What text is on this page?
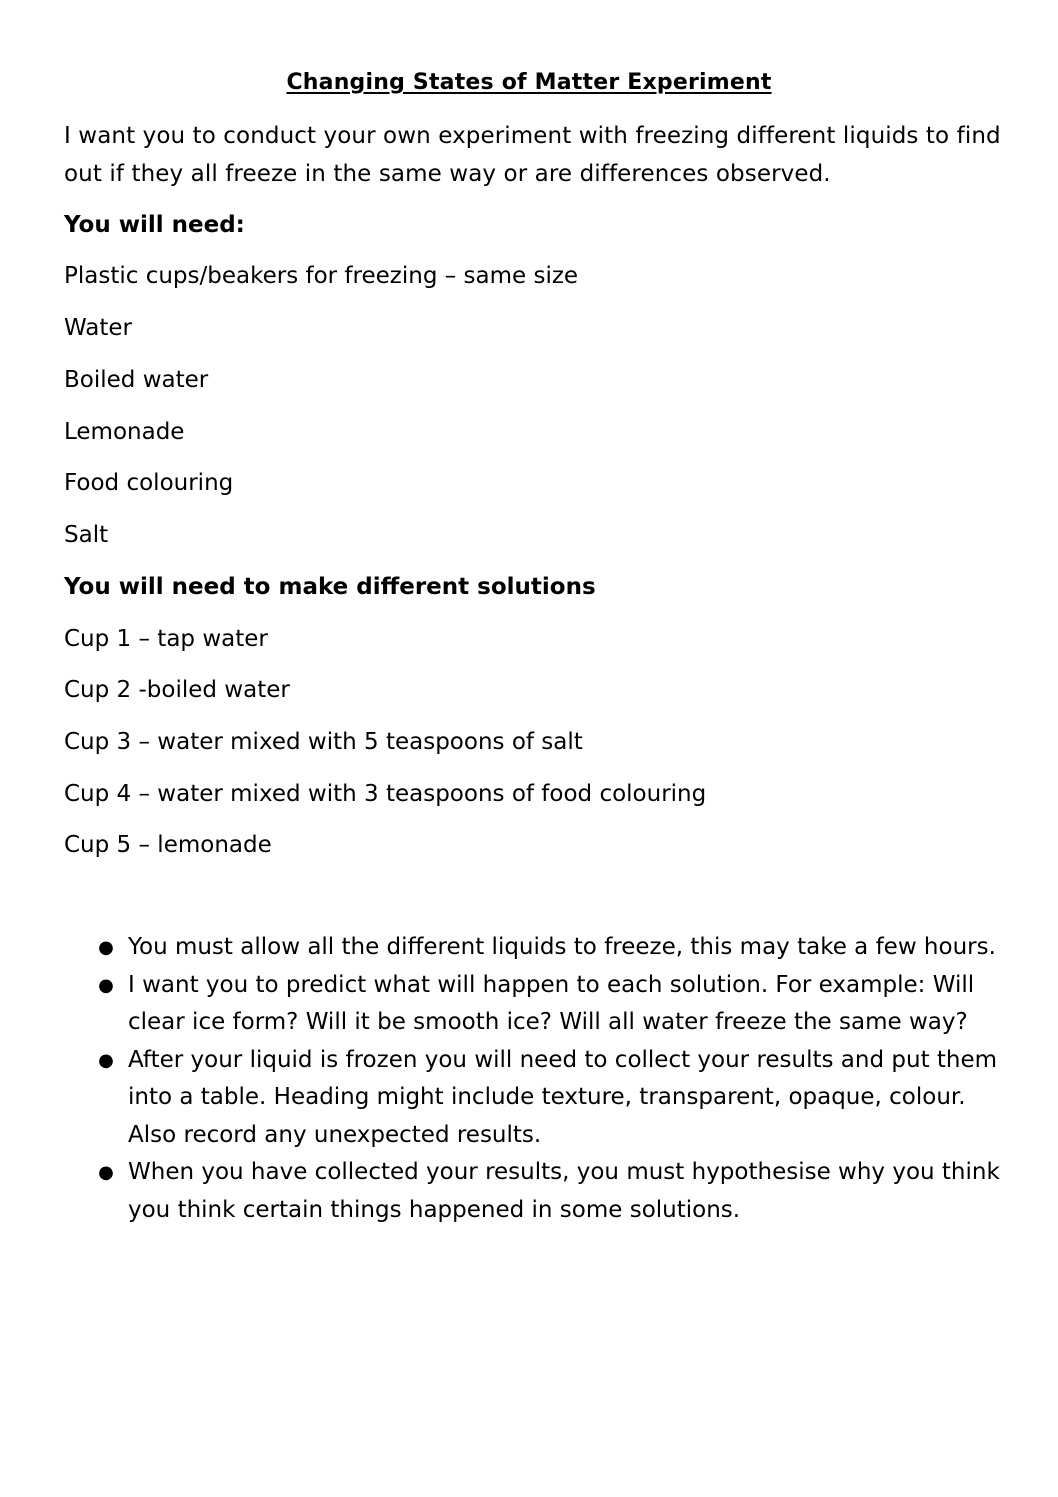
Changing States of Matter Experiment
I want you to conduct your own experiment with freezing different liquids to find out if they all freeze in the same way or are differences observed.
You will need:
Plastic cups/beakers for freezing – same size
Water
Boiled water
Lemonade
Food colouring
Salt
You will need to make different solutions
Cup 1 – tap water
Cup 2 -boiled water
Cup 3 – water mixed with 5 teaspoons of salt
Cup 4 – water mixed with 3 teaspoons of food colouring
Cup 5 – lemonade
● You must allow all the different liquids to freeze, this may take a few hours.
● I want you to predict what will happen to each solution. For example: Will clear ice form? Will it be smooth ice? Will all water freeze the same way?
● After your liquid is frozen you will need to collect your results and put them into a table. Heading might include texture, transparent, opaque, colour. Also record any unexpected results.
● When you have collected your results, you must hypothesise why you think you think certain things happened in some solutions.
